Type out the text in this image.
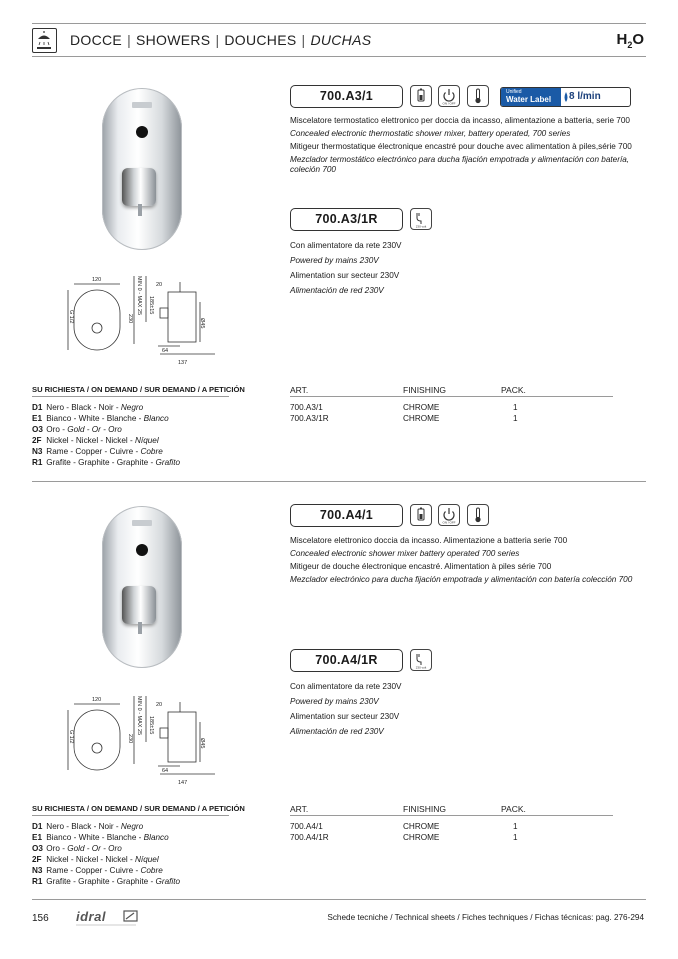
DOCCE | SHOWERS | DOUCHES | DUCHAS	$H_2O$
120
20
230
MIN 0 - MAX 25 185±15
G 1/2	Ø45
64
137
700.A3/1
ON / OFF
Unified
Water Label 8 l/min

Miscelatore termostatico elettronico per doccia da incasso, alimentazione a batteria, serie 700

Concealed electronic thermostatic shower mixer, battery operated, 700 series

Mitigeur thermostatique électronique encastré pour douche avec alimentation à piles,série 700

Mezclador termostático electrónico para ducha fijación empotrada y alimentación con batería, coleción 700

700.A3/1R
230 volt
Con alimentatore da rete 230V
Powered by mains 230V
Alimentation sur secteur 230V
Alimentación de red 230V
SU RICHIESTA / ON DEMAND / SUR DEMAND / A PETICIÓN	ART.	FINISHING	PACK.
D1 Nero - Black - Noir - Negro
E1 Bianco - White - Blanche - Blanco
O3 Oro - Gold - Or - Oro
2F Nickel - Nickel - Nickel - Níquel
N3 Rame - Copper - Cuivre - Cobre
R1 Grafite - Graphite - Graphite - Grafito
700.A3/1	CHROME	1
700.A3/1R	CHROME	1
120
20
230
MIN 0 - MAX 25 185±15
G 1/2	Ø45
64
147
700.A4/1
ON / OFF

Miscelatore elettronico doccia da incasso. Alimentazione a batteria serie 700

Concealed electronic shower mixer battery operated 700 series

Mitigeur de douche électronique encastré. Alimentation à piles série 700

Mezclador electrónico para ducha fijación empotrada y alimentación con batería colección 700

700.A4/1R
230 volt
Con alimentatore da rete 230V
Powered by mains 230V
Alimentation sur secteur 230V
Alimentación de red 230V
SU RICHIESTA / ON DEMAND / SUR DEMAND / A PETICIÓN	ART.	FINISHING	PACK.
D1 Nero - Black - Noir - Negro
E1 Bianco - White - Blanche - Blanco
O3 Oro - Gold - Or - Oro
2F Nickel - Nickel - Nickel - Níquel
N3 Rame - Copper - Cuivre - Cobre
R1 Grafite - Graphite - Graphite - Grafito
700.A4/1	CHROME	1
700.A4/1R	CHROME	1
156 idral	Schede tecniche / Technical sheets / Fiches techniques / Fichas técnicas: pag. 276-294
